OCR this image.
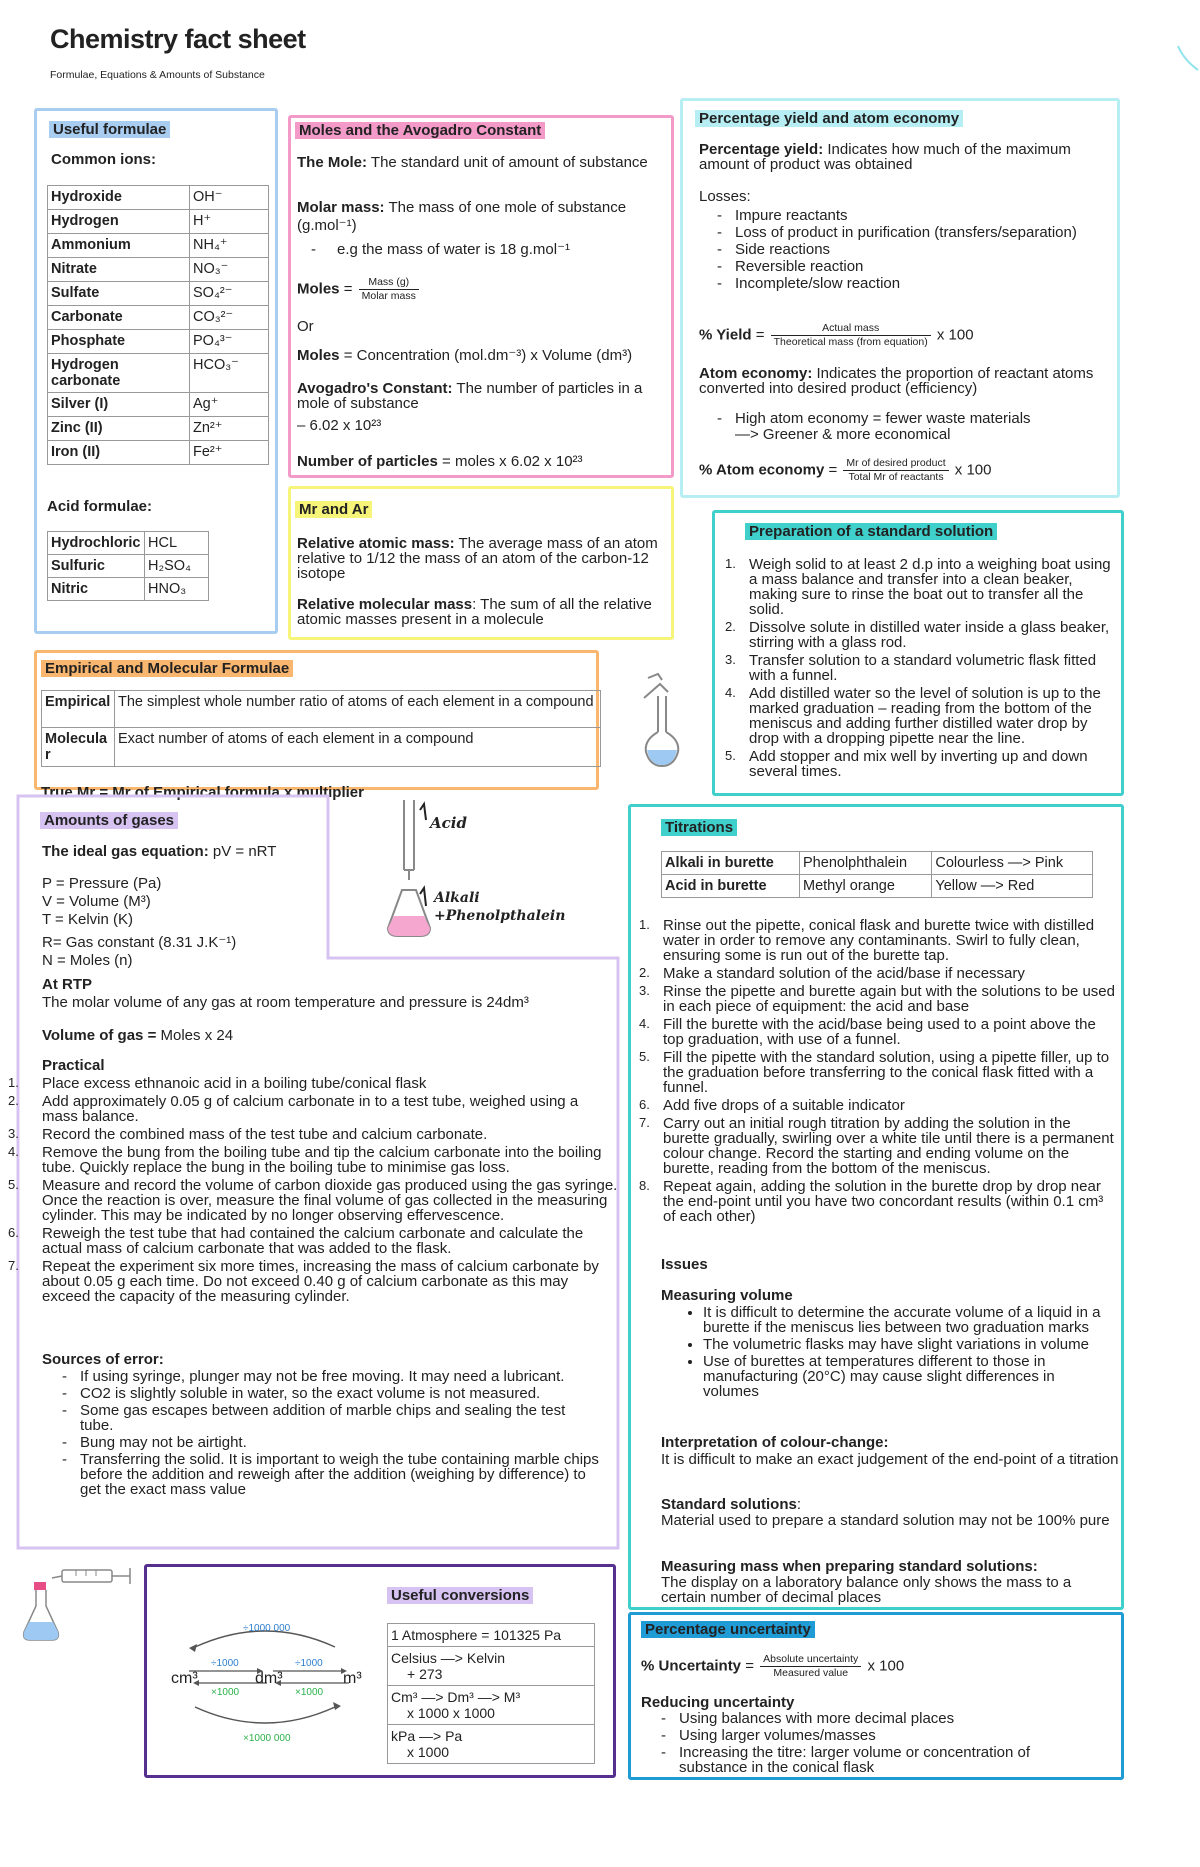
Chemistry fact sheet
Formulae, Equations & Amounts of Substance
Useful formulae
Common ions:
Hydroxide	OH⁻
Hydrogen	H⁺
Ammonium	NH₄⁺
Nitrate	NO₃⁻
Sulfate	SO₄²⁻
Carbonate	CO₃²⁻
Phosphate	PO₄³⁻
Hydrogen carbonate	HCO₃⁻
Silver (I)	Ag⁺
Zinc (II)	Zn²⁺
Iron (II)	Fe²⁺
Acid formulae:
Hydrochloric	HCL
Sulfuric	H₂SO₄
Nitric	HNO₃
Moles and the Avogadro Constant
The Mole: The standard unit of amount of substance
Molar mass: The mass of one mole of substance (g.mol⁻¹)
- e.g the mass of water is 18 g.mol⁻¹
Moles = $\frac{\text{Mass (g)}}{\text{Molar mass}}$
Or
Moles = Concentration (mol.dm⁻³) x Volume (dm³)
Avogadro's Constant: The number of particles in a mole of substance
– 6.02 x 10²³
Number of particles = moles x 6.02 x 10²³
Percentage yield and atom economy
Percentage yield: Indicates how much of the maximum amount of product was obtained
Losses:
- Impure reactants
- Loss of product in purification (transfers/separation)
- Side reactions
- Reversible reaction
- Incomplete/slow reaction
% Yield = $\frac{\text{Actual mass}}{\text{Theoretical mass (from equation)}}$ x 100
Atom economy: Indicates the proportion of reactant atoms converted into desired product (efficiency)
- High atom economy = fewer waste materials —> Greener & more economical
% Atom economy = $\frac{\text{Mr of desired product}}{\text{Total Mr of reactants}}$ x 100
Mr and Ar
Relative atomic mass: The average mass of an atom relative to 1/12 the mass of an atom of the carbon-12 isotope
Relative molecular mass: The sum of all the relative atomic masses present in a molecule
Preparation of a standard solution
1. Weigh solid to at least 2 d.p into a weighing boat using a mass balance and transfer into a clean beaker, making sure to rinse the boat out to transfer all the solid.
2. Dissolve solute in distilled water inside a glass beaker, stirring with a glass rod.
3. Transfer solution to a standard volumetric flask fitted with a funnel.
4. Add distilled water so the level of solution is up to the marked graduation – reading from the bottom of the meniscus and adding further distilled water drop by drop with a dropping pipette near the line.
5. Add stopper and mix well by inverting up and down several times.
Empirical and Molecular Formulae
Empirical	The simplest whole number ratio of atoms of each element in a compound
Molecula r	Exact number of atoms of each element in a compound
True Mr = Mr of Empirical formula x multiplier
Amounts of gases
The ideal gas equation: pV = nRT
P = Pressure (Pa)
V = Volume (M³)
T = Kelvin (K)
R= Gas constant (8.31 J.K⁻¹)
N = Moles (n)
At RTP
The molar volume of any gas at room temperature and pressure is 24dm³
Volume of gas = Moles x 24
Practical
1. Place excess ethnanoic acid in a boiling tube/conical flask
2. Add approximately 0.05 g of calcium carbonate in to a test tube, weighed using a mass balance.
3. Record the combined mass of the test tube and calcium carbonate.
4. Remove the bung from the boiling tube and tip the calcium carbonate into the boiling tube. Quickly replace the bung in the boiling tube to minimise gas loss.
5. Measure and record the volume of carbon dioxide gas produced using the gas syringe. Once the reaction is over, measure the final volume of gas collected in the measuring cylinder. This may be indicated by no longer observing effervescence.
6. Reweigh the test tube that had contained the calcium carbonate and calculate the actual mass of calcium carbonate that was added to the flask.
7. Repeat the experiment six more times, increasing the mass of calcium carbonate by about 0.05 g each time. Do not exceed 0.40 g of calcium carbonate as this may exceed the capacity of the measuring cylinder.
Sources of error:
- If using syringe, plunger may not be free moving. It may need a lubricant.
- CO2 is slightly soluble in water, so the exact volume is not measured.
- Some gas escapes between addition of marble chips and sealing the test tube.
- Bung may not be airtight.
- Transferring the solid. It is important to weigh the tube containing marble chips before the addition and reweigh after the addition (weighing by difference) to get the exact mass value
Acid
Alkali
+Phenolpthalein
Titrations
Alkali in burette	Phenolphthalein	Colourless —> Pink
Acid in burette	Methyl orange	Yellow —> Red
1. Rinse out the pipette, conical flask and burette twice with distilled water in order to remove any contaminants. Swirl to fully clean, ensuring some is run out of the burette tap.
2. Make a standard solution of the acid/base if necessary
3. Rinse the pipette and burette again but with the solutions to be used in each piece of equipment: the acid and base
4. Fill the burette with the acid/base being used to a point above the top graduation, with use of a funnel.
5. Fill the pipette with the standard solution, using a pipette filler, up to the graduation before transferring to the conical flask fitted with a funnel.
6. Add five drops of a suitable indicator
7. Carry out an initial rough titration by adding the solution in the burette gradually, swirling over a white tile until there is a permanent colour change. Record the starting and ending volume on the burette, reading from the bottom of the meniscus.
8. Repeat again, adding the solution in the burette drop by drop near the end-point until you have two concordant results (within 0.1 cm³ of each other)
Issues
Measuring volume
• It is difficult to determine the accurate volume of a liquid in a burette if the meniscus lies between two graduation marks
• The volumetric flasks may have slight variations in volume
• Use of burettes at temperatures different to those in manufacturing (20°C) may cause slight differences in volumes
Interpretation of colour-change:
It is difficult to make an exact judgement of the end-point of a titration
Standard solutions:
Material used to prepare a standard solution may not be 100% pure
Measuring mass when preparing standard solutions:
The display on a laboratory balance only shows the mass to a certain number of decimal places
Useful conversions
cm³	dm³	m³
÷1000 000
÷1000	÷1000
×1000	×1000
×1000 000
1 Atmosphere = 101325 Pa

Celsius —> Kelvin
+ 273

Cm³ —> Dm³ —> M³
x 1000 x 1000

kPa —> Pa
x 1000
Percentage uncertainty
% Uncertainty = $\frac{\text{Absolute uncertainty}}{\text{Measured value}}$ x 100
Reducing uncertainty
- Using balances with more decimal places
- Using larger volumes/masses
- Increasing the titre: larger volume or concentration of substance in the conical flask
